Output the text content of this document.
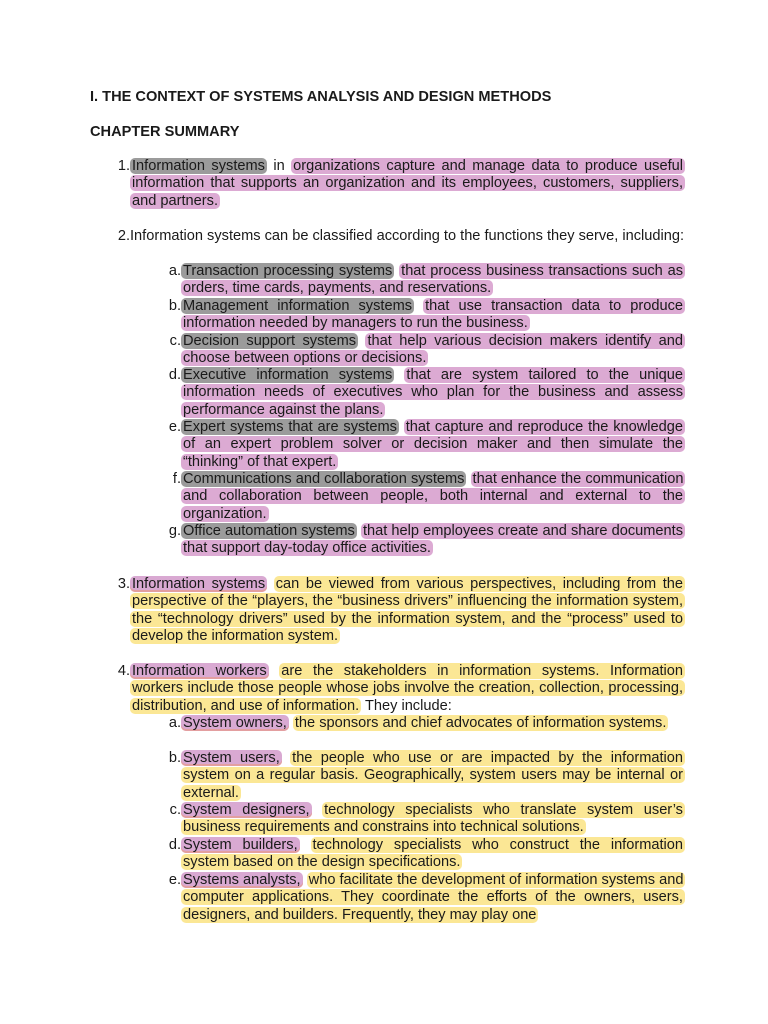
I. THE CONTEXT OF SYSTEMS ANALYSIS AND DESIGN METHODS
CHAPTER SUMMARY
1. Information systems in organizations capture and manage data to produce useful information that supports an organization and its employees, customers, suppliers, and partners.
2. Information systems can be classified according to the functions they serve, including:
a. Transaction processing systems that process business transactions such as orders, time cards, payments, and reservations.
b. Management information systems that use transaction data to produce information needed by managers to run the business.
c. Decision support systems that help various decision makers identify and choose between options or decisions.
d. Executive information systems that are system tailored to the unique information needs of executives who plan for the business and assess performance against the plans.
e. Expert systems that are systems that capture and reproduce the knowledge of an expert problem solver or decision maker and then simulate the “thinking” of that expert.
f. Communications and collaboration systems that enhance the communication and collaboration between people, both internal and external to the organization.
g. Office automation systems that help employees create and share documents that support day-today office activities.
3. Information systems can be viewed from various perspectives, including from the perspective of the “players, the “business drivers” influencing the information system, the “technology drivers” used by the information system, and the “process” used to develop the information system.
4. Information workers are the stakeholders in information systems. Information workers include those people whose jobs involve the creation, collection, processing, distribution, and use of information. They include:
a. System owners, the sponsors and chief advocates of information systems.
b. System users, the people who use or are impacted by the information system on a regular basis. Geographically, system users may be internal or external.
c. System designers, technology specialists who translate system user’s business requirements and constrains into technical solutions.
d. System builders, technology specialists who construct the information system based on the design specifications.
e. Systems analysts, who facilitate the development of information systems and computer applications. They coordinate the efforts of the owners, users, designers, and builders. Frequently, they may play one
